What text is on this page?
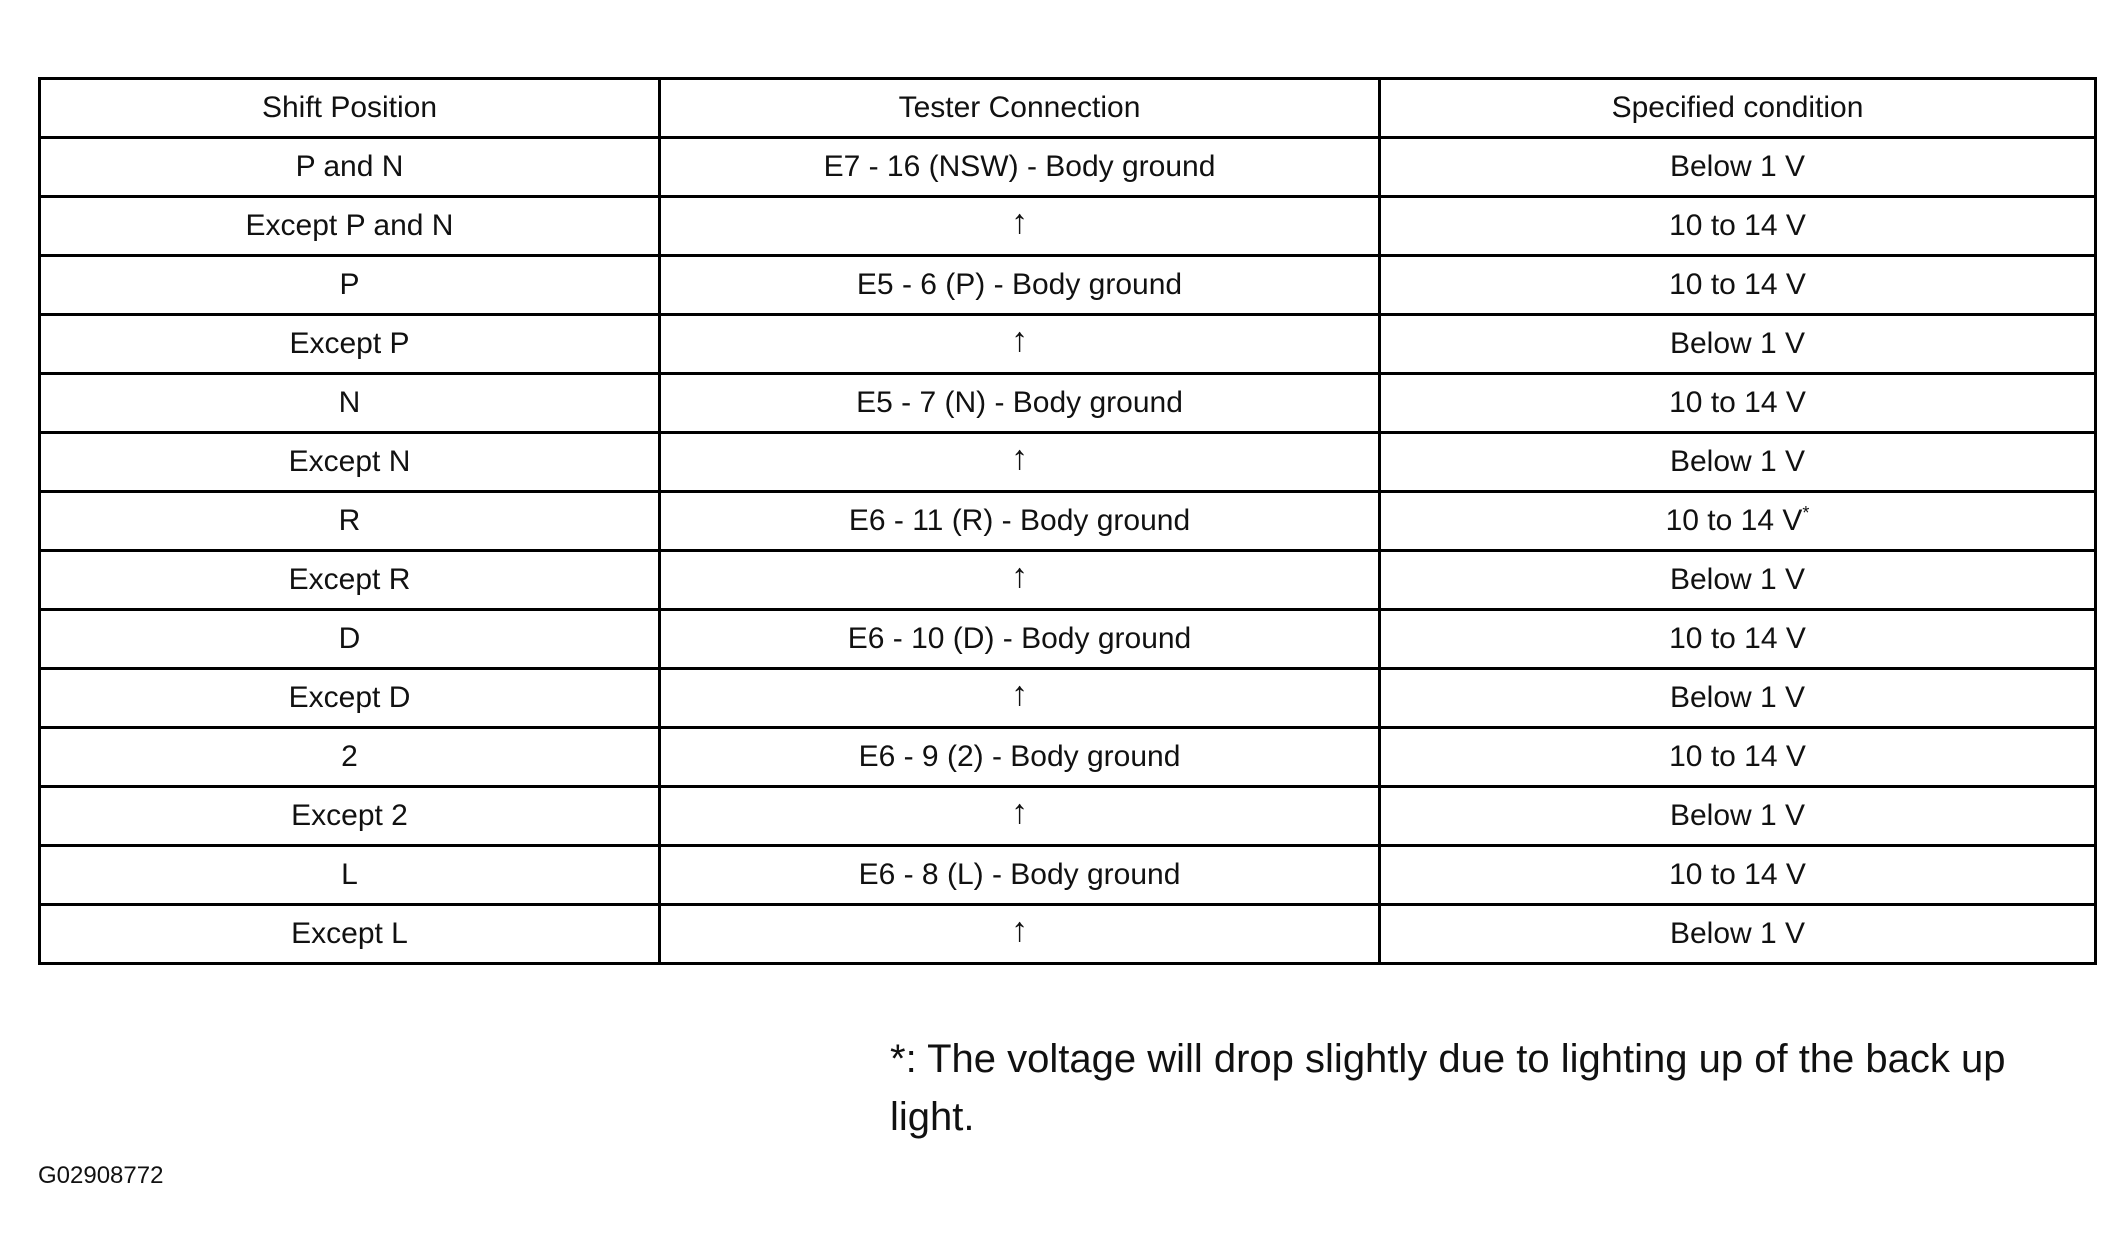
Shift Position	Tester Connection	Specified condition
P and N	E7 - 16 (NSW) - Body ground	Below 1 V
Except P and N	↑	10 to 14 V
P	E5 - 6 (P) - Body ground	10 to 14 V
Except P	↑	Below 1 V
N	E5 - 7 (N) - Body ground	10 to 14 V
Except N	↑	Below 1 V
R	E6 - 11 (R) - Body ground	10 to 14 V*
Except R	↑	Below 1 V
D	E6 - 10 (D) - Body ground	10 to 14 V
Except D	↑	Below 1 V
2	E6 - 9 (2) - Body ground	10 to 14 V
Except 2	↑	Below 1 V
L	E6 - 8 (L) - Body ground	10 to 14 V
Except L	↑	Below 1 V
*: The voltage will drop slightly due to lighting up of the back up light.
G02908772
